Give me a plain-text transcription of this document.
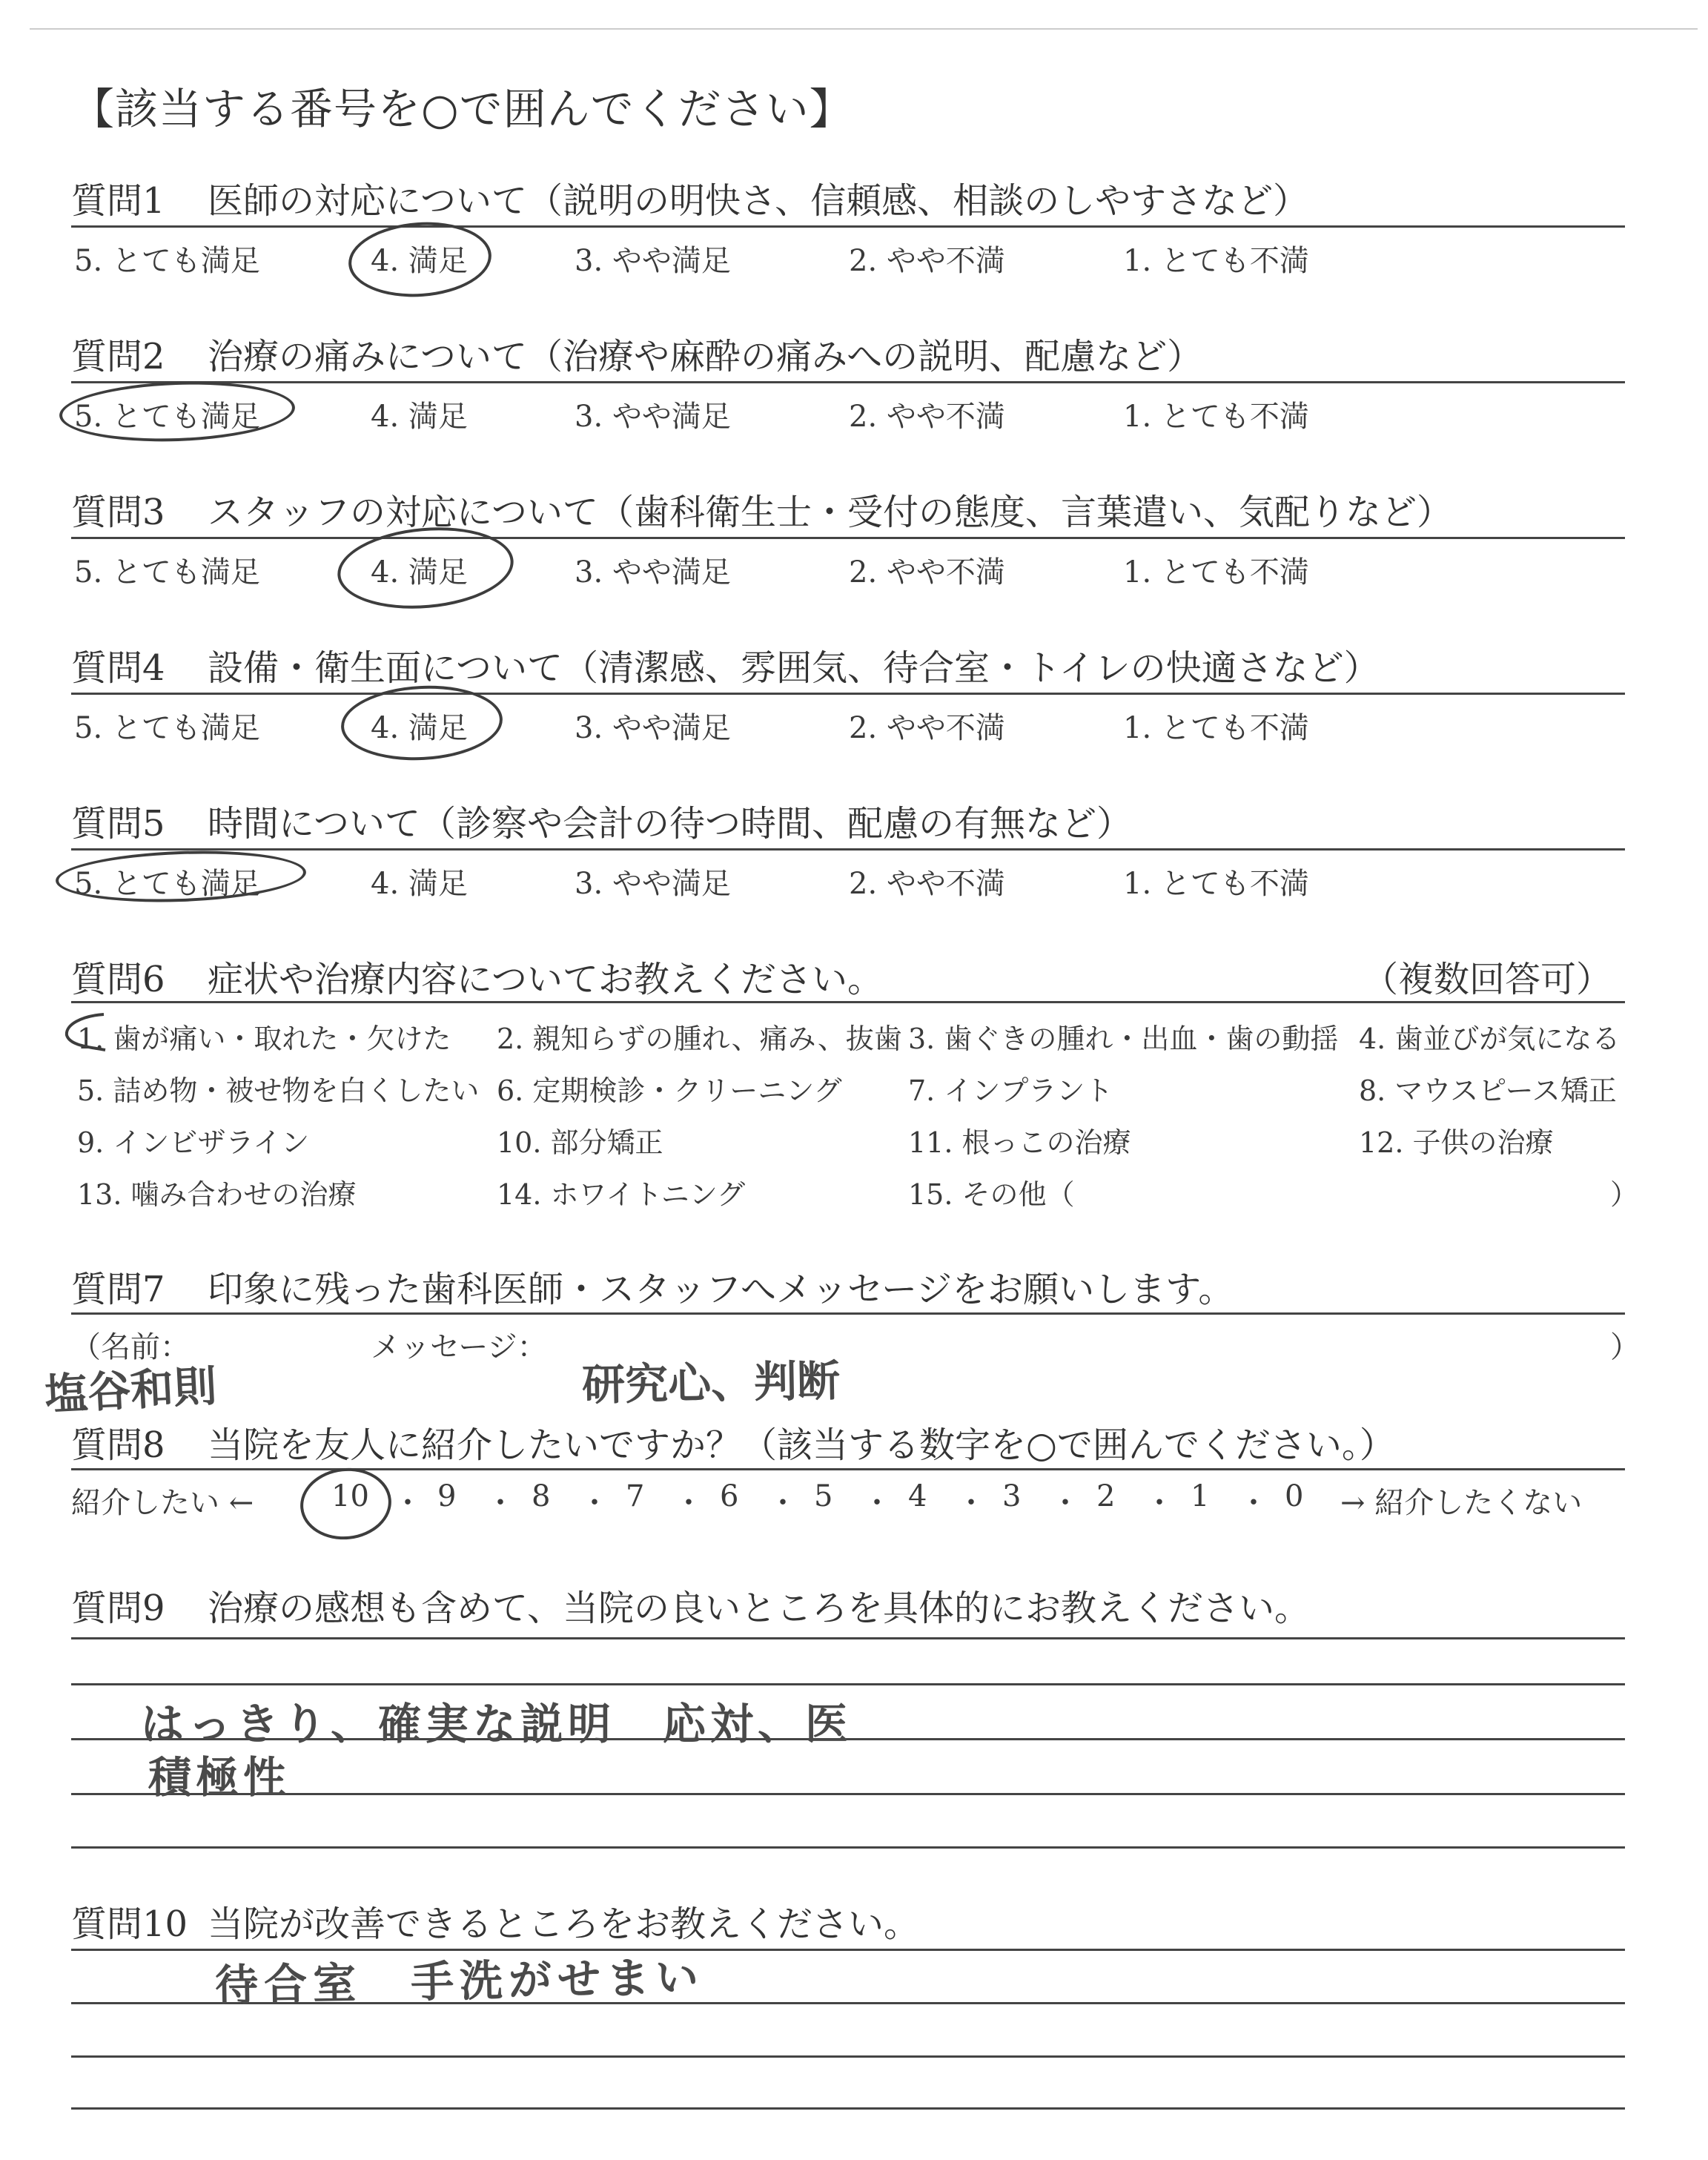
【該当する番号を○で囲んでください】
質問1 医師の対応について（説明の明快さ、信頼感、相談のしやすさなど）
5. とても満足	4. 満足	3. やや満足	2. やや不満	1. とても不満
質問2 治療の痛みについて（治療や麻酔の痛みへの説明、配慮など）
5. とても満足	4. 満足	3. やや満足	2. やや不満	1. とても不満
質問3 スタッフの対応について（歯科衛生士・受付の態度、言葉遣い、気配りなど）
5. とても満足	4. 満足	3. やや満足	2. やや不満	1. とても不満
質問4 設備・衛生面について（清潔感、雰囲気、待合室・トイレの快適さなど）
5. とても満足	4. 満足	3. やや満足	2. やや不満	1. とても不満
質問5 時間について（診察や会計の待つ時間、配慮の有無など）
5. とても満足	4. 満足	3. やや満足	2. やや不満	1. とても不満
質問6 症状や治療内容についてお教えください。	（複数回答可）
1. 歯が痛い・取れた・欠けた 2. 親知らずの腫れ、痛み、抜歯 3. 歯ぐきの腫れ・出血・歯の動揺 4. 歯並びが気になる
5. 詰め物・被せ物を白くしたい 6. 定期検診・クリーニング 7. インプラント	8. マウスピース矯正
9. インビザライン	10. 部分矯正	11. 根っこの治療	12. 子供の治療
13. 噛み合わせの治療	14. ホワイトニング	15. その他（	）
質問7 印象に残った歯科医師・スタッフへメッセージをお願いします。
（名前：	メッセージ：	）
塩谷和則	研究心、判断
質問8 当院を友人に紹介したいですか？（該当する数字を○で囲んでください。）
紹介したい ←	→ 紹介したくない
10 ・ 9 ・ 8 ・ 7 ・ 6 ・ 5 ・ 4 ・ 3 ・ 2 ・ 1 ・ 0
質問9 治療の感想も含めて、当院の良いところを具体的にお教えください。
はっきり、確実な説明　応対、医
積極性
質問10 当院が改善できるところをお教えください。
待合室　手洗がせまい
